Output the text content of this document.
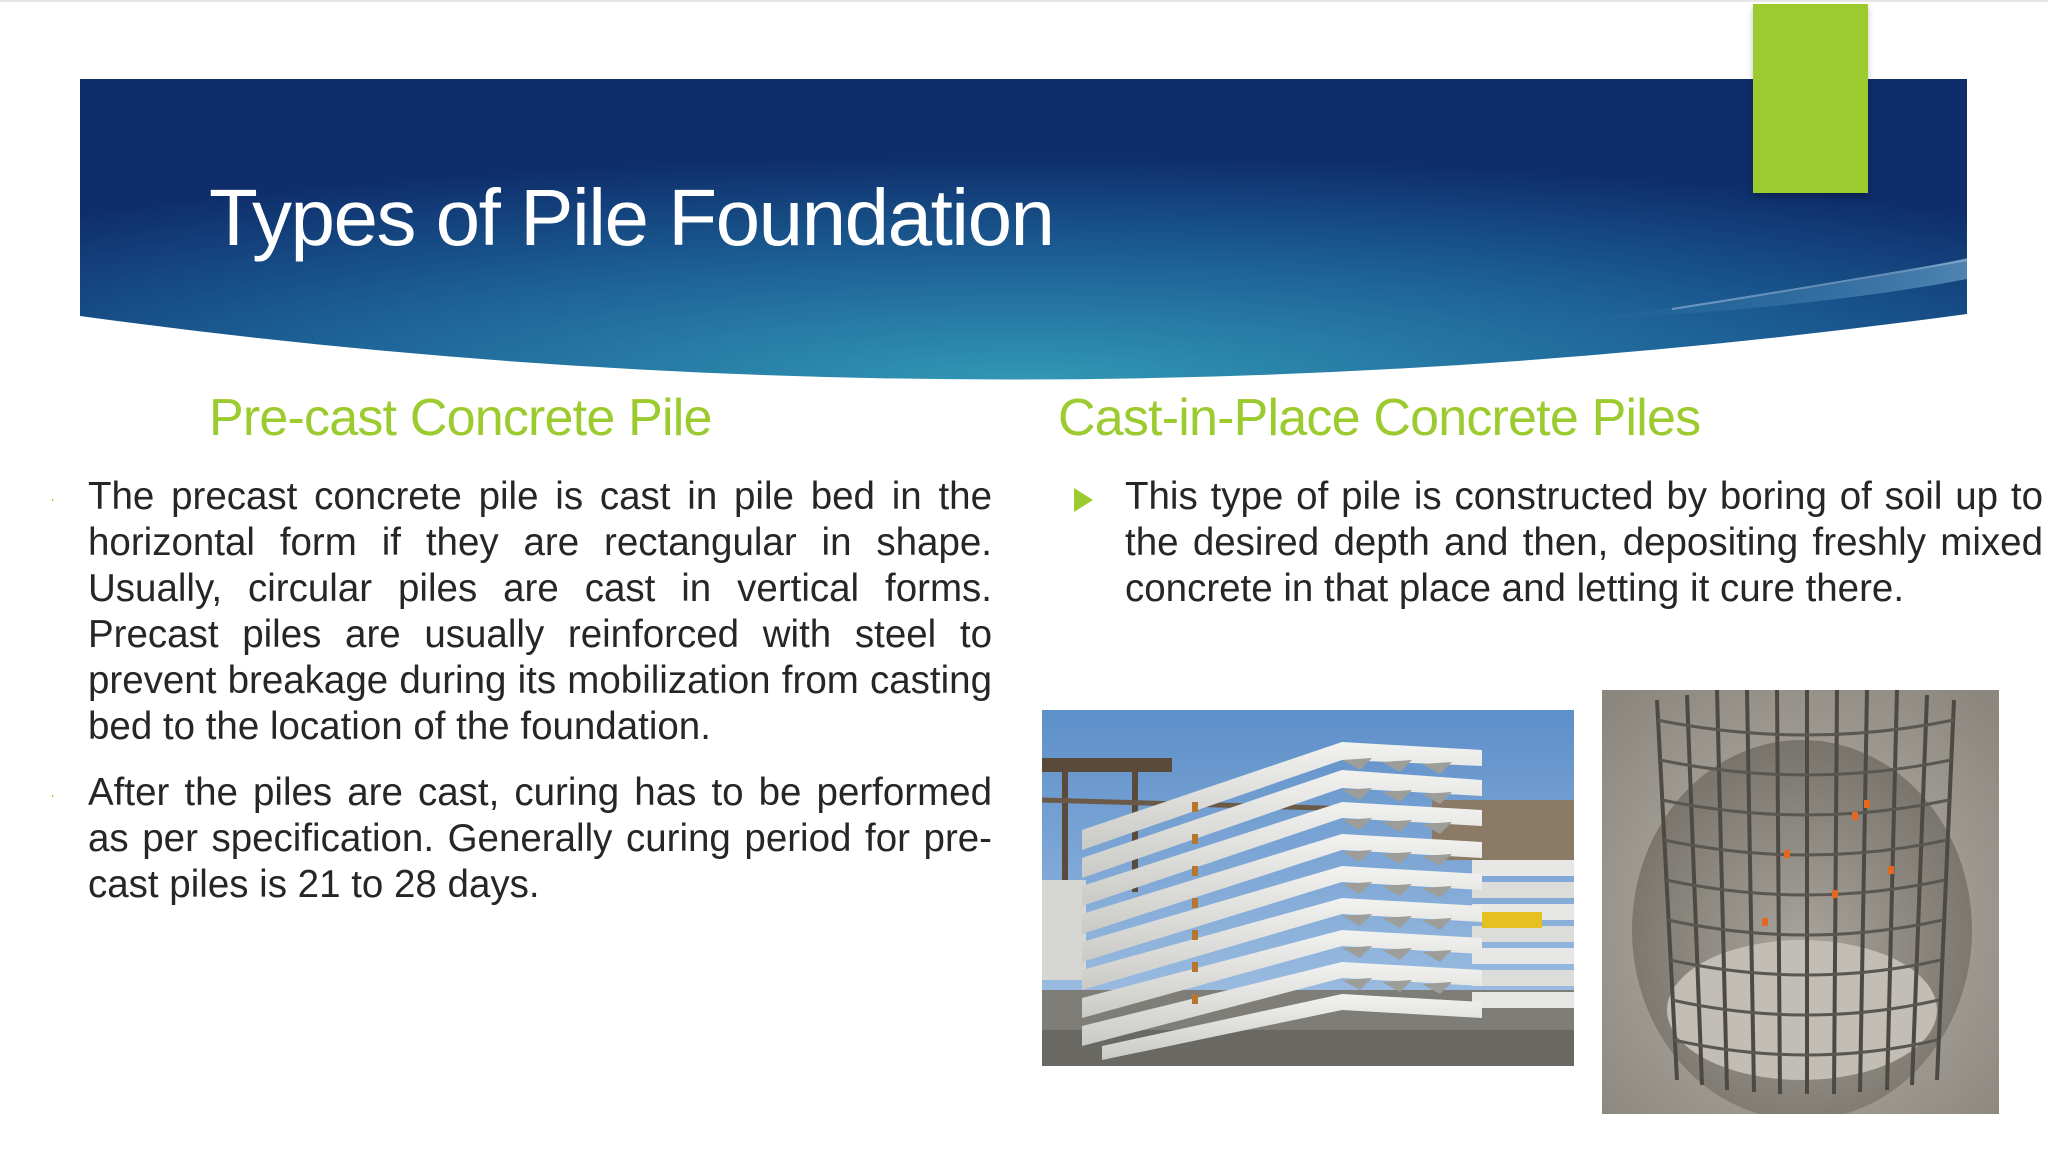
Types of Pile Foundation
Pre-cast Concrete Pile	Cast-in-Place Concrete Piles
The precast concrete pile is cast in pile bed in the horizontal form if they are rectangular in shape. Usually, circular piles are cast in vertical forms. Precast piles are usually reinforced with steel to prevent breakage during its mobilization from casting bed to the location of the foundation.
After the piles are cast, curing has to be performed as per specification. Generally curing period for pre-cast piles is 21 to 28 days.
This type of pile is constructed by boring of soil up to the desired depth and then, depositing freshly mixed concrete in that place and letting it cure there.
